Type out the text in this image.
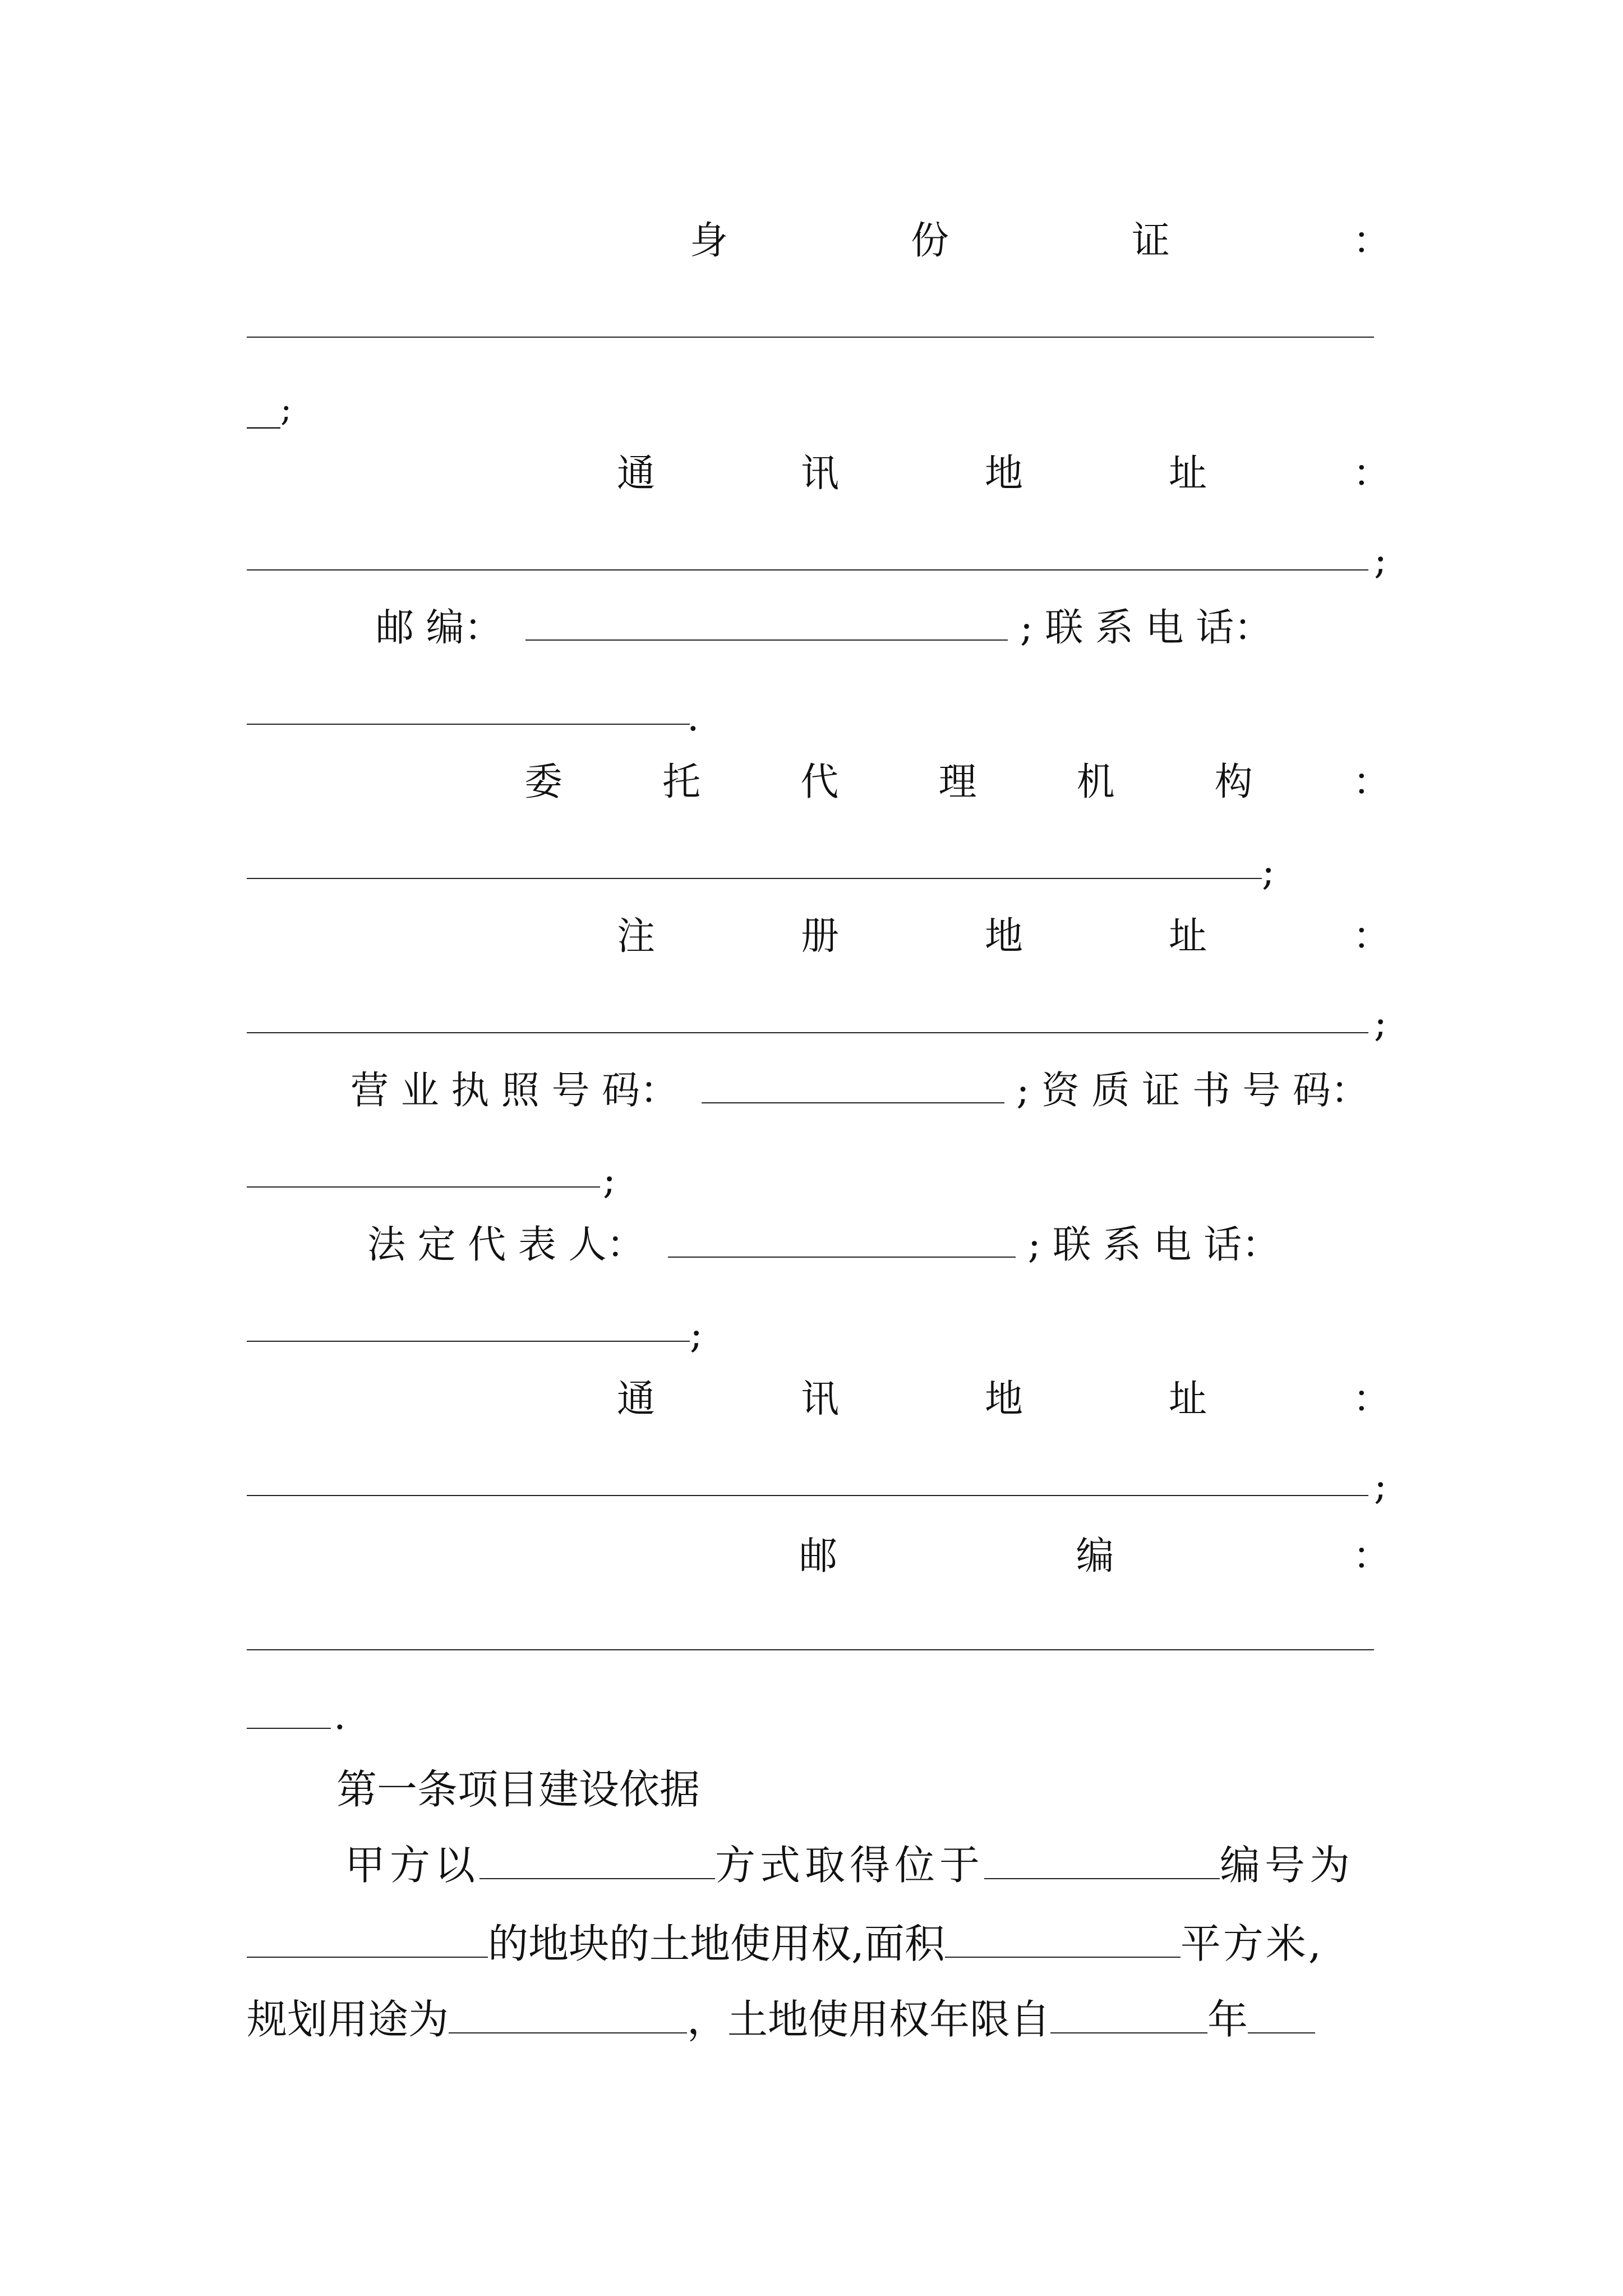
身	份	证	：
__;
通	讯	地	址	：
;
邮 编：	; 联 系 电 话：
.
委	托	代	理	机	构	：
;
注	册	地	址	：
;
营 业 执 照 号 码：	; 资 质 证 书 号 码：
;
法 定 代 表 人：	; 联 系 电 话：
;
通	讯	地	址	：
;
邮	编	：
.
第一条项目建设依据
甲方以	方式取得位于	编号为
的地块的土地使用权,面积	平方米,
规划用途为	，土地使用权年限自	年
